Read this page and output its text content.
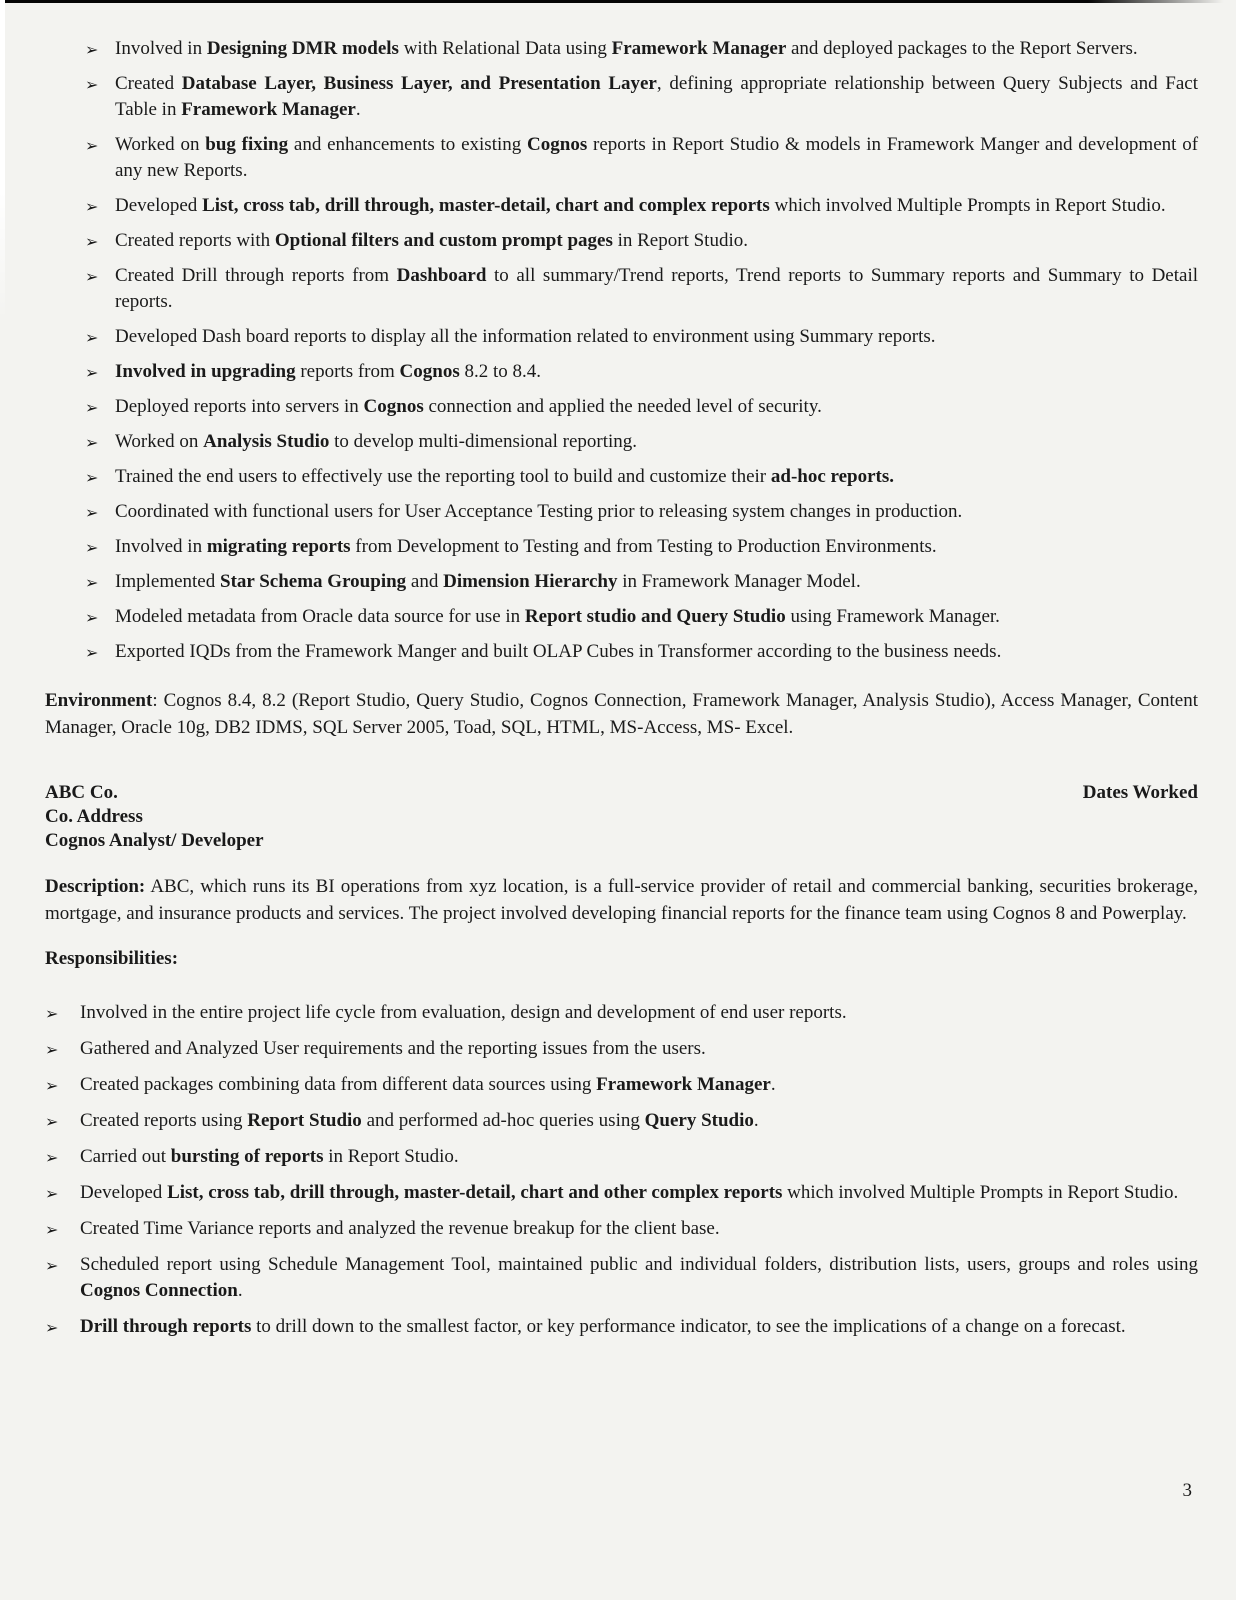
➢ Involved in Designing DMR models with Relational Data using Framework Manager and deployed packages to the Report Servers.
➢ Created Database Layer, Business Layer, and Presentation Layer, defining appropriate relationship between Query Subjects and Fact Table in Framework Manager.
➢ Worked on bug fixing and enhancements to existing Cognos reports in Report Studio & models in Framework Manger and development of any new Reports.
➢ Developed List, cross tab, drill through, master-detail, chart and complex reports which involved Multiple Prompts in Report Studio.
➢ Created reports with Optional filters and custom prompt pages in Report Studio.
➢ Created Drill through reports from Dashboard to all summary/Trend reports, Trend reports to Summary reports and Summary to Detail reports.
➢ Developed Dash board reports to display all the information related to environment using Summary reports.
➢ Involved in upgrading reports from Cognos 8.2 to 8.4.
➢ Deployed reports into servers in Cognos connection and applied the needed level of security.
➢ Worked on Analysis Studio to develop multi-dimensional reporting.
➢ Trained the end users to effectively use the reporting tool to build and customize their ad-hoc reports.
➢ Coordinated with functional users for User Acceptance Testing prior to releasing system changes in production.
➢ Involved in migrating reports from Development to Testing and from Testing to Production Environments.
➢ Implemented Star Schema Grouping and Dimension Hierarchy in Framework Manager Model.
➢ Modeled metadata from Oracle data source for use in Report studio and Query Studio using Framework Manager.
➢ Exported IQDs from the Framework Manger and built OLAP Cubes in Transformer according to the business needs.

Environment: Cognos 8.4, 8.2 (Report Studio, Query Studio, Cognos Connection, Framework Manager, Analysis Studio), Access Manager, Content Manager, Oracle 10g, DB2 IDMS, SQL Server 2005, Toad, SQL, HTML, MS-Access, MS- Excel.

ABC Co.	Dates Worked
Co. Address
Cognos Analyst/ Developer

Description: ABC, which runs its BI operations from xyz location, is a full-service provider of retail and commercial banking, securities brokerage, mortgage, and insurance products and services. The project involved developing financial reports for the finance team using Cognos 8 and Powerplay.

Responsibilities:
➢ Involved in the entire project life cycle from evaluation, design and development of end user reports.
➢ Gathered and Analyzed User requirements and the reporting issues from the users.
➢ Created packages combining data from different data sources using Framework Manager.
➢ Created reports using Report Studio and performed ad-hoc queries using Query Studio.
➢ Carried out bursting of reports in Report Studio.
➢ Developed List, cross tab, drill through, master-detail, chart and other complex reports which involved Multiple Prompts in Report Studio.
➢ Created Time Variance reports and analyzed the revenue breakup for the client base.
➢ Scheduled report using Schedule Management Tool, maintained public and individual folders, distribution lists, users, groups and roles using Cognos Connection.
➢ Drill through reports to drill down to the smallest factor, or key performance indicator, to see the implications of a change on a forecast.
3
